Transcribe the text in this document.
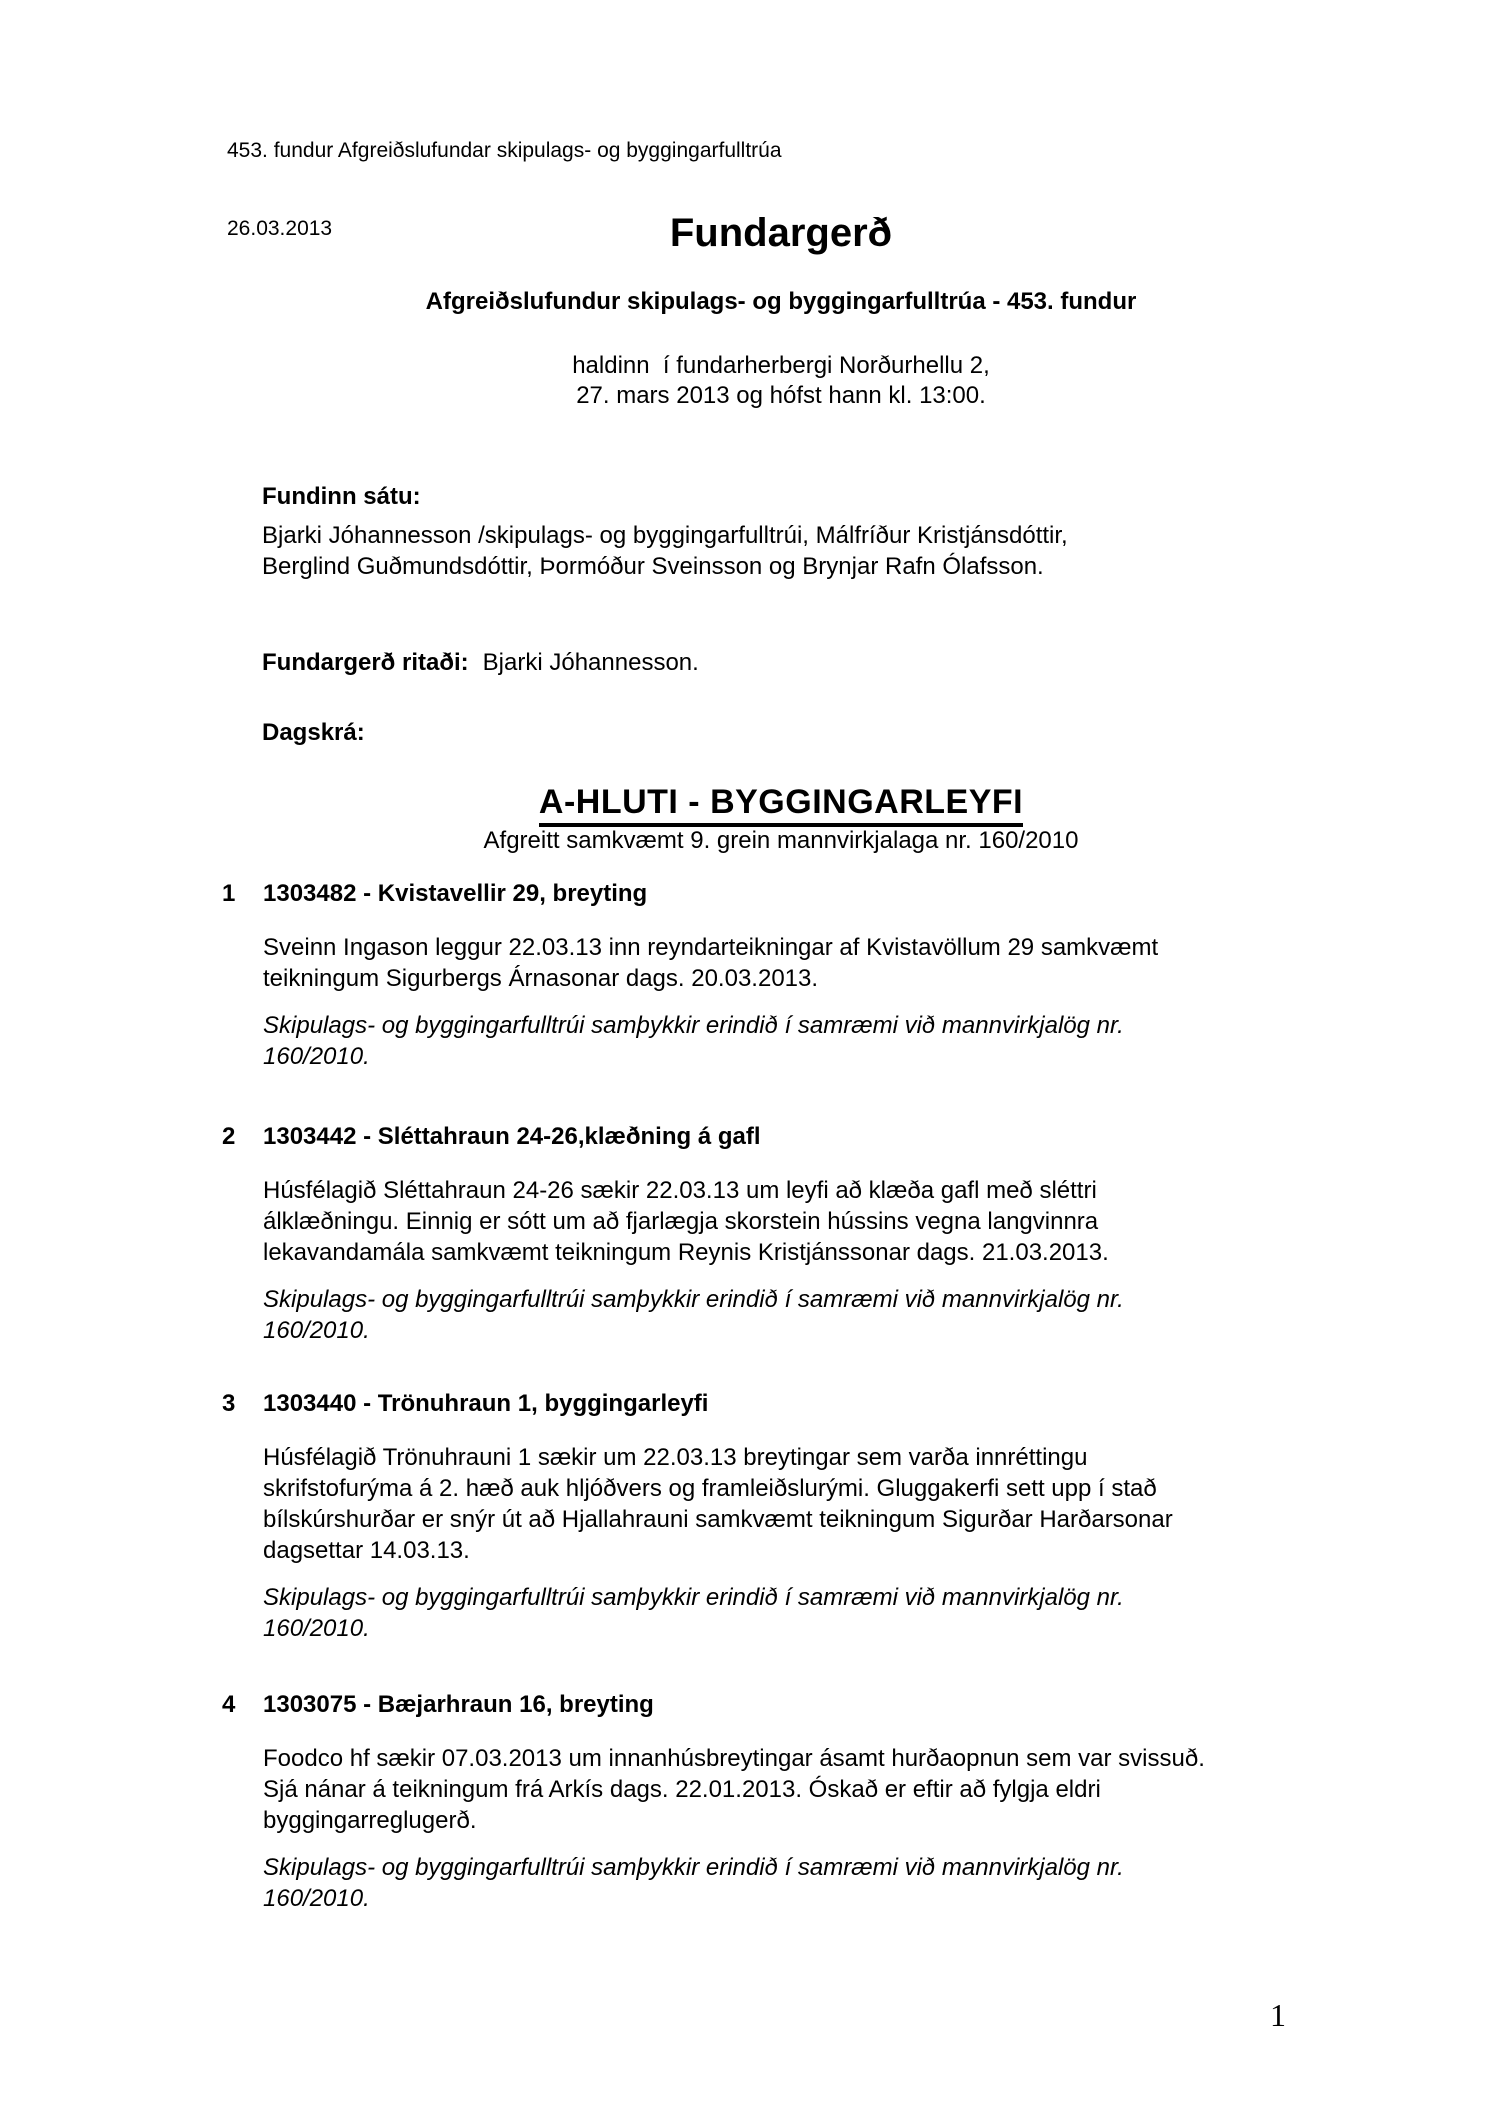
453. fundur Afgreiðslufundar skipulags- og byggingarfulltrúa

26.03.2013

	Fundargerð
Afgreiðslufundur skipulags- og byggingarfulltrúa - 453. fundur
haldinn  í fundarherbergi Norðurhellu 2,
27. mars 2013 og hófst hann kl. 13:00.
Fundinn sátu:
Bjarki Jóhannesson /skipulags- og byggingarfulltrúi, Málfríður Kristjánsdóttir,
Berglind Guðmundsdóttir, Þormóður Sveinsson og Brynjar Rafn Ólafsson.
Fundargerð ritaði: Bjarki Jóhannesson.
Dagskrá:
A-HLUTI - BYGGINGARLEYFI
Afgreitt samkvæmt 9. grein mannvirkjalaga nr. 160/2010
1 1303482 - Kvistavellir 29, breyting
Sveinn Ingason leggur 22.03.13 inn reyndarteikningar af Kvistavöllum 29 samkvæmt
teikningum Sigurbergs Árnasonar dags. 20.03.2013.
Skipulags- og byggingarfulltrúi samþykkir erindið í samræmi við mannvirkjalög nr.
160/2010.
2 1303442 - Sléttahraun 24-26,klæðning á gafl
Húsfélagið Sléttahraun 24-26 sækir 22.03.13 um leyfi að klæða gafl með sléttri
álklæðningu. Einnig er sótt um að fjarlægja skorstein hússins vegna langvinnra
lekavandamála samkvæmt teikningum Reynis Kristjánssonar dags. 21.03.2013.
Skipulags- og byggingarfulltrúi samþykkir erindið í samræmi við mannvirkjalög nr.
160/2010.
3 1303440 - Trönuhraun 1, byggingarleyfi
Húsfélagið Trönuhrauni 1 sækir um 22.03.13 breytingar sem varða innréttingu
skrifstofurýma á 2. hæð auk hljóðvers og framleiðslurými. Gluggakerfi sett upp í stað
bílskúrshurðar er snýr út að Hjallahrauni samkvæmt teikningum Sigurðar Harðarsonar
dagsettar 14.03.13.
Skipulags- og byggingarfulltrúi samþykkir erindið í samræmi við mannvirkjalög nr.
160/2010.
4 1303075 - Bæjarhraun 16, breyting
Foodco hf sækir 07.03.2013 um innanhúsbreytingar ásamt hurðaopnun sem var svissuð.
Sjá nánar á teikningum frá Arkís dags. 22.01.2013. Óskað er eftir að fylgja eldri
byggingarreglugerð.
Skipulags- og byggingarfulltrúi samþykkir erindið í samræmi við mannvirkjalög nr.
160/2010.
1
